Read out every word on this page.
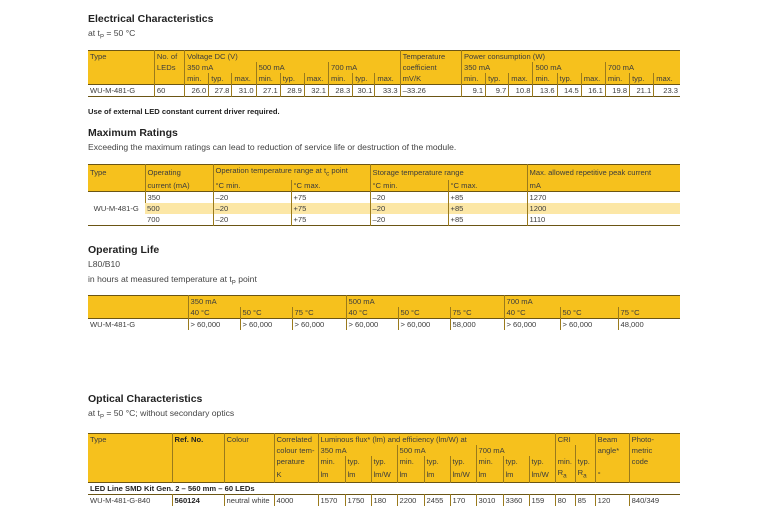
Electrical Characteristics

at $t_P = 50$ °C

Type	No. of	Voltage DC (V)									Temperature	Power consumption (W)								
	LEDs	350 mA			500 mA			700 mA			coefficient	350 mA			500 mA			700 mA		
		min.	typ.	max.	min.	typ.	max.	min.	typ.	max.	mV/K	min.	typ.	max.	min.	typ.	max.	min.	typ.	max.
WU-M-481-G	60	26.0	27.8	31.0	27.1	28.9	32.1	28.3	30.1	33.3	–33.26	9.1	9.7	10.8	13.6	14.5	16.1	19.8	21.1	23.3
Use of external LED constant current driver required.
Maximum Ratings

Exceeding the maximum ratings can lead to reduction of service life or destruction of the module.

Type	Operating	Operation temperature range at $t_c$ point		Storage temperature range		Max. allowed repetitive peak current
	current (mA)	°C min.	°C max.	°C min.	°C max.	mA
WU-M-481-G	350	–20	+75	–20	+85	1270
	500	–20	+75	–20	+85	1200
	700	–20	+75	–20	+85	1110
Operating Life

L80/B10

in hours at measured temperature at $t_P$ point

	350 mA			500 mA			700 mA		
	40 °C	50 °C	75 °C	40 °C	50 °C	75 °C	40 °C	50 °C	75 °C
WU-M-481-G	> 60,000	> 60,000	> 60,000	> 60,000	> 60,000	58,000	> 60,000	> 60,000	48,000
Optical Characteristics

at $t_P = 50$ °C; without secondary optics

Type	Ref. No.	Colour	Correlated	Luminous flux* (lm) and efficiency (lm/W) at									CRI		Beam	Photo-
			colour tem-	350 mA			500 mA			700 mA					angle*	metric
			perature	min.	typ.	typ.	min.	typ.	typ.	min.	typ.	typ.	min.	typ.		code
			K	lm	lm	lm/W	lm	lm	lm/W	lm	lm	lm/W	$R_a$	$R_a$	°	
LED Line SMD Kit Gen. 2 – 560 mm – 60 LEDs																
WU-M-481-G-840	560124	neutral white	4000	1570	1750	180	2200	2455	170	3010	3360	159	80	85	120	840/349
